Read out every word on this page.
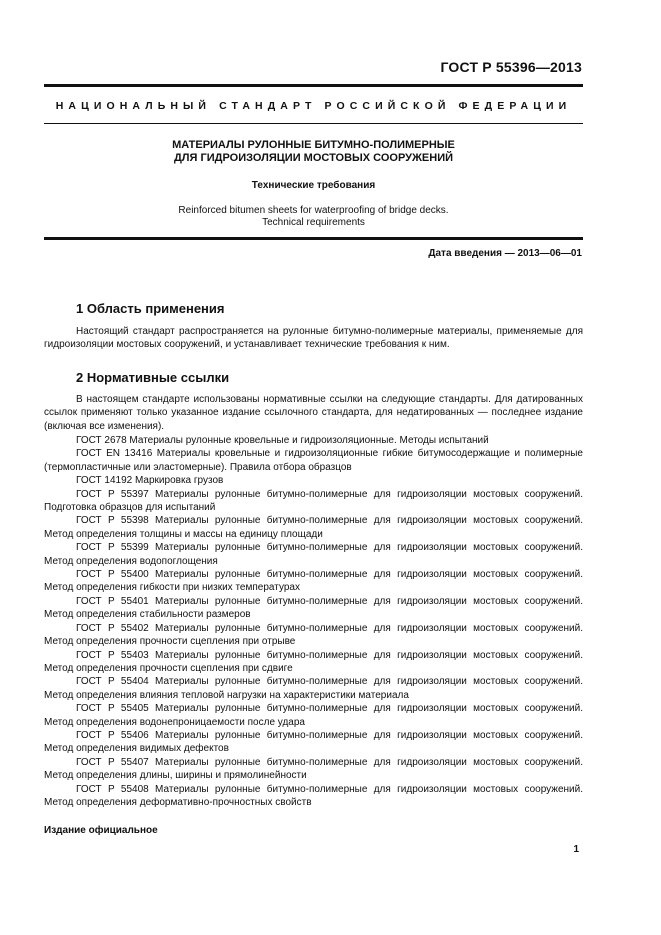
ГОСТ Р 55396—2013
НАЦИОНАЛЬНЫЙ СТАНДАРТ РОССИЙСКОЙ ФЕДЕРАЦИИ
МАТЕРИАЛЫ РУЛОННЫЕ БИТУМНО-ПОЛИМЕРНЫЕ
ДЛЯ ГИДРОИЗОЛЯЦИИ МОСТОВЫХ СООРУЖЕНИЙ
Технические требования
Reinforced bitumen sheets for waterproofing of bridge decks.
Technical requirements
Дата введения — 2013—06—01
1 Область применения
Настоящий стандарт распространяется на рулонные битумно-полимерные материалы, применяемые для гидроизоляции мостовых сооружений, и устанавливает технические требования к ним.
2 Нормативные ссылки
В настоящем стандарте использованы нормативные ссылки на следующие стандарты. Для датированных ссылок применяют только указанное издание ссылочного стандарта, для недатированных — последнее издание (включая все изменения).
ГОСТ 2678 Материалы рулонные кровельные и гидроизоляционные. Методы испытаний
ГОСТ EN 13416 Материалы кровельные и гидроизоляционные гибкие битумосодержащие и полимерные (термопластичные или эластомерные). Правила отбора образцов
ГОСТ 14192 Маркировка грузов
ГОСТ Р 55397 Материалы рулонные битумно-полимерные для гидроизоляции мостовых сооружений. Подготовка образцов для испытаний
ГОСТ Р 55398 Материалы рулонные битумно-полимерные для гидроизоляции мостовых сооружений. Метод определения толщины и массы на единицу площади
ГОСТ Р 55399 Материалы рулонные битумно-полимерные для гидроизоляции мостовых сооружений. Метод определения водопоглощения
ГОСТ Р 55400 Материалы рулонные битумно-полимерные для гидроизоляции мостовых сооружений. Метод определения гибкости при низких температурах
ГОСТ Р 55401 Материалы рулонные битумно-полимерные для гидроизоляции мостовых сооружений. Метод определения стабильности размеров
ГОСТ Р 55402 Материалы рулонные битумно-полимерные для гидроизоляции мостовых сооружений. Метод определения прочности сцепления при отрыве
ГОСТ Р 55403 Материалы рулонные битумно-полимерные для гидроизоляции мостовых сооружений. Метод определения прочности сцепления при сдвиге
ГОСТ Р 55404 Материалы рулонные битумно-полимерные для гидроизоляции мостовых сооружений. Метод определения влияния тепловой нагрузки на характеристики материала
ГОСТ Р 55405 Материалы рулонные битумно-полимерные для гидроизоляции мостовых сооружений. Метод определения водонепроницаемости после удара
ГОСТ Р 55406 Материалы рулонные битумно-полимерные для гидроизоляции мостовых сооружений. Метод определения видимых дефектов
ГОСТ Р 55407 Материалы рулонные битумно-полимерные для гидроизоляции мостовых сооружений. Метод определения длины, ширины и прямолинейности
ГОСТ Р 55408 Материалы рулонные битумно-полимерные для гидроизоляции мостовых сооружений. Метод определения деформативно-прочностных свойств
Издание официальное
1
